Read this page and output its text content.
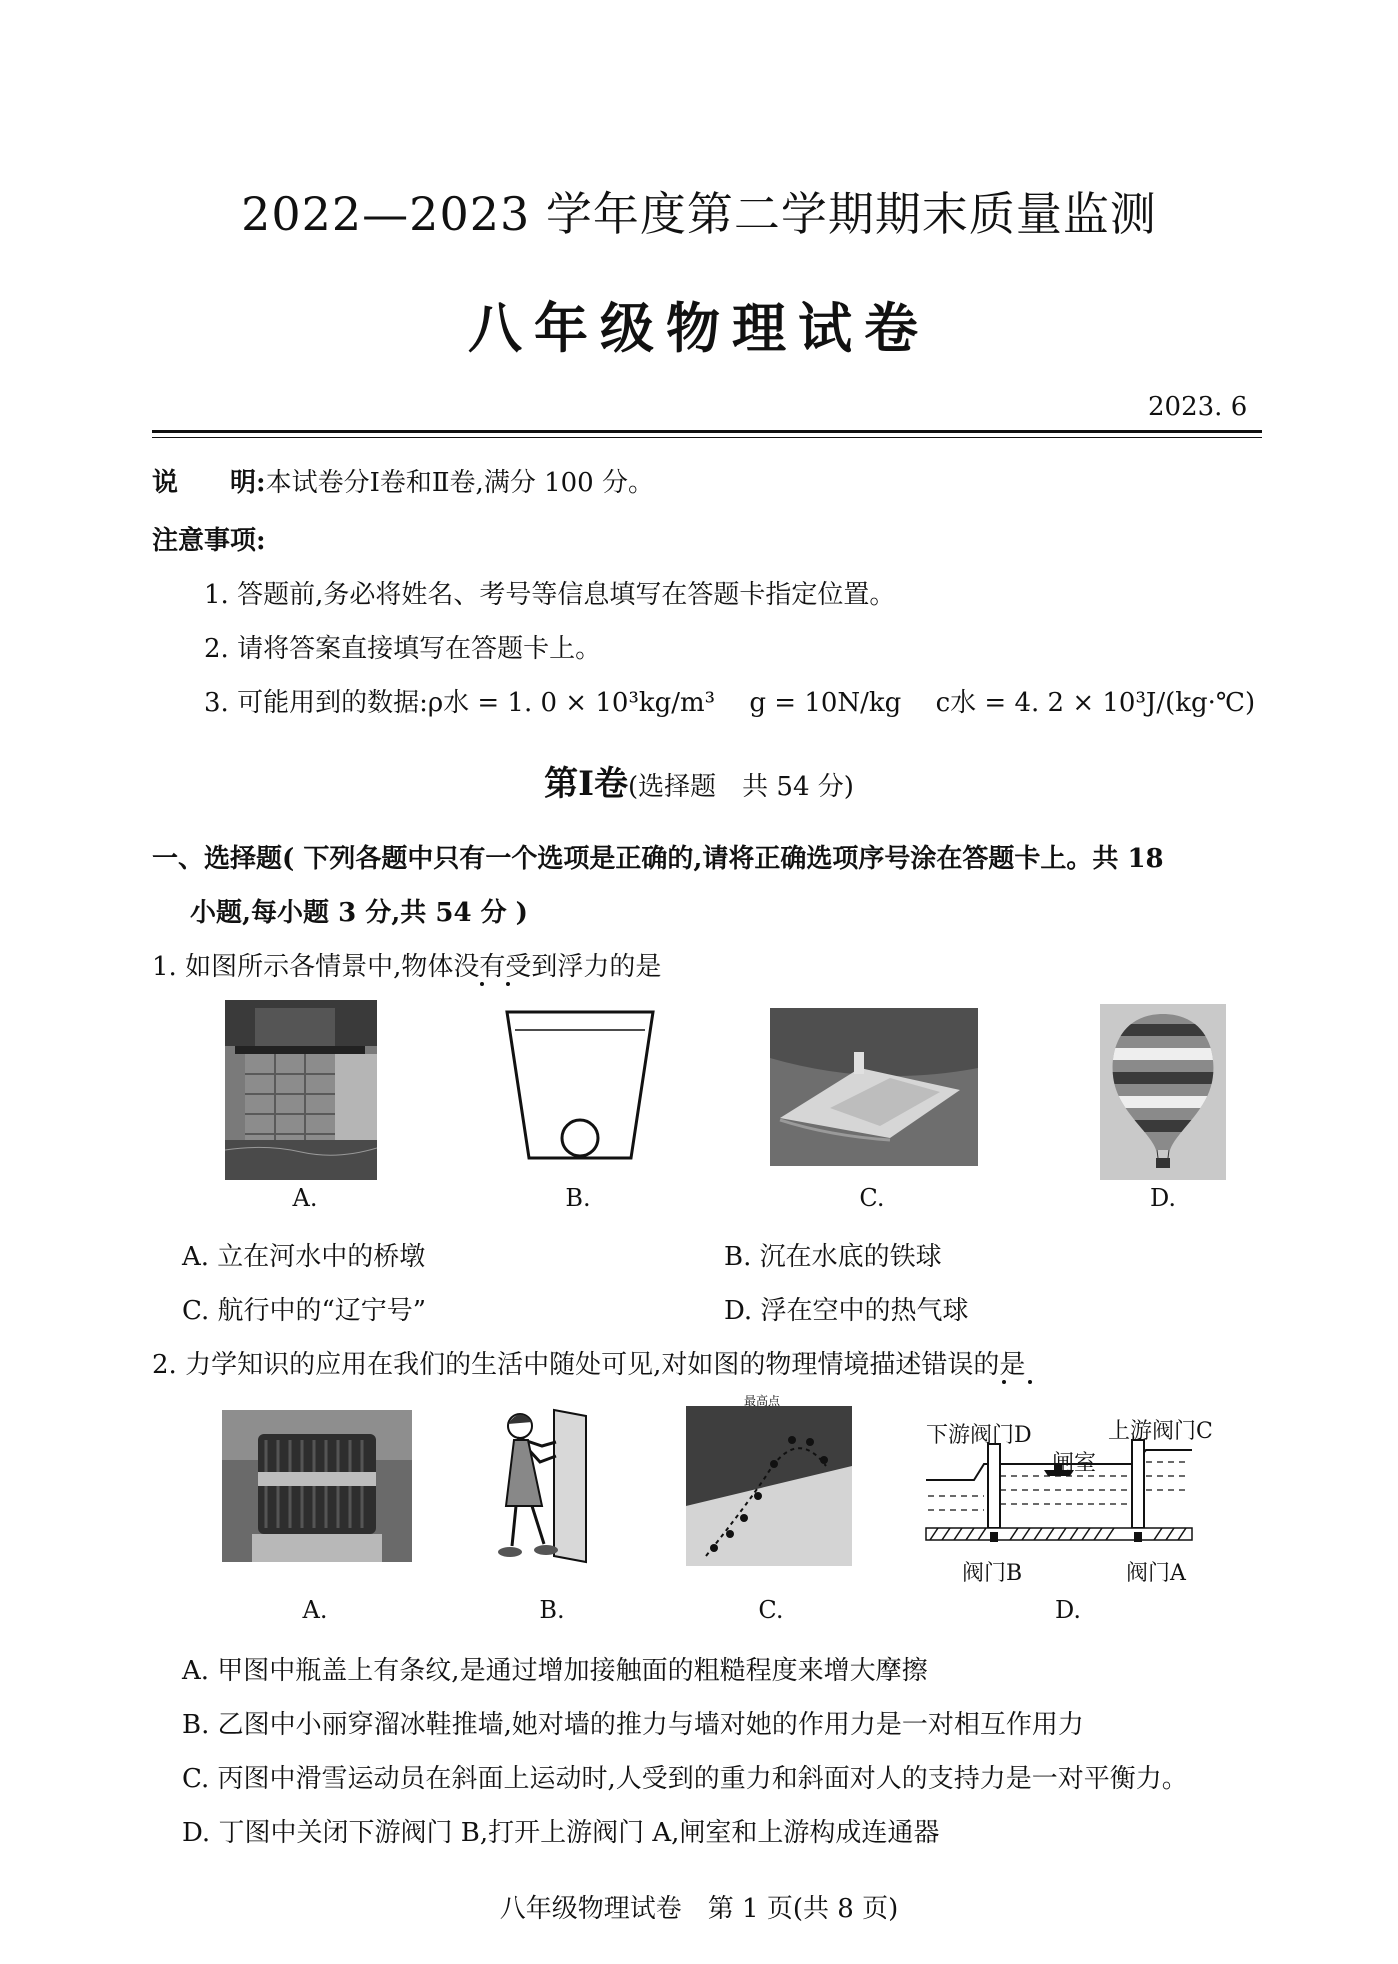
2022—2023 学年度第二学期期末质量监测
八年级物理试卷
2023. 6
说　　明:本试卷分Ⅰ卷和Ⅱ卷,满分 100 分。
注意事项:
1. 答题前,务必将姓名、考号等信息填写在答题卡指定位置。
2. 请将答案直接填写在答题卡上。
3. 可能用到的数据:ρ水 = 1. 0 × 10³kg/m³　 g = 10N/kg　 c水 = 4. 2 × 10³J/(kg·℃)
第Ⅰ卷(选择题　共 54 分)
一、选择题( 下列各题中只有一个选项是正确的,请将正确选项序号涂在答题卡上。共 18
小题,每小题 3 分,共 54 分 )
1. 如图所示各情景中,物体没有受到浮力的是
A.	B.	C.	D.
A. 立在河水中的桥墩	B. 沉在水底的铁球
C. 航行中的“辽宁号”	D. 浮在空中的热气球
2. 力学知识的应用在我们的生活中随处可见,对如图的物理情境描述错误的是
最高点
下游阀门D	上游阀门C
闸室
阀门B	阀门A
A.	B.	C.	D.
A. 甲图中瓶盖上有条纹,是通过增加接触面的粗糙程度来增大摩擦
B. 乙图中小丽穿溜冰鞋推墙,她对墙的推力与墙对她的作用力是一对相互作用力
C. 丙图中滑雪运动员在斜面上运动时,人受到的重力和斜面对人的支持力是一对平衡力。
D. 丁图中关闭下游阀门 B,打开上游阀门 A,闸室和上游构成连通器
八年级物理试卷　第 1 页(共 8 页)
